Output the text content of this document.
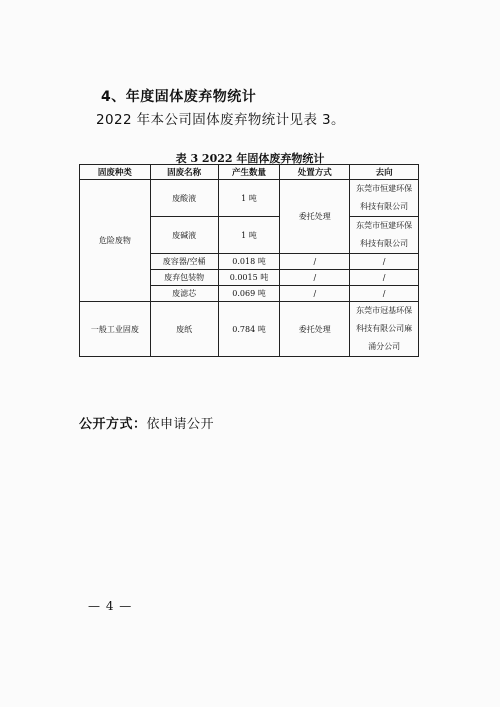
4、年度固体废弃物统计
2022 年本公司固体废弃物统计见表 3。
表 3 2022 年固体废弃物统计
固废种类	固废名称	产生数量	处置方式	去向
危险废物	废酸液	1 吨	委托处理	东莞市恒建环保
科技有限公司

	废碱液	1 吨		东莞市恒建环保
科技有限公司

	废容器/空桶	0.018 吨	/	/
	废弃包装物	0.0015 吨	/	/
	废滤芯	0.069 吨	/	/
一般工业固废	废纸	0.784 吨	委托处理	东莞市冠基环保
科技有限公司麻
涌分公司
公开方式：依申请公开
— 4 —
